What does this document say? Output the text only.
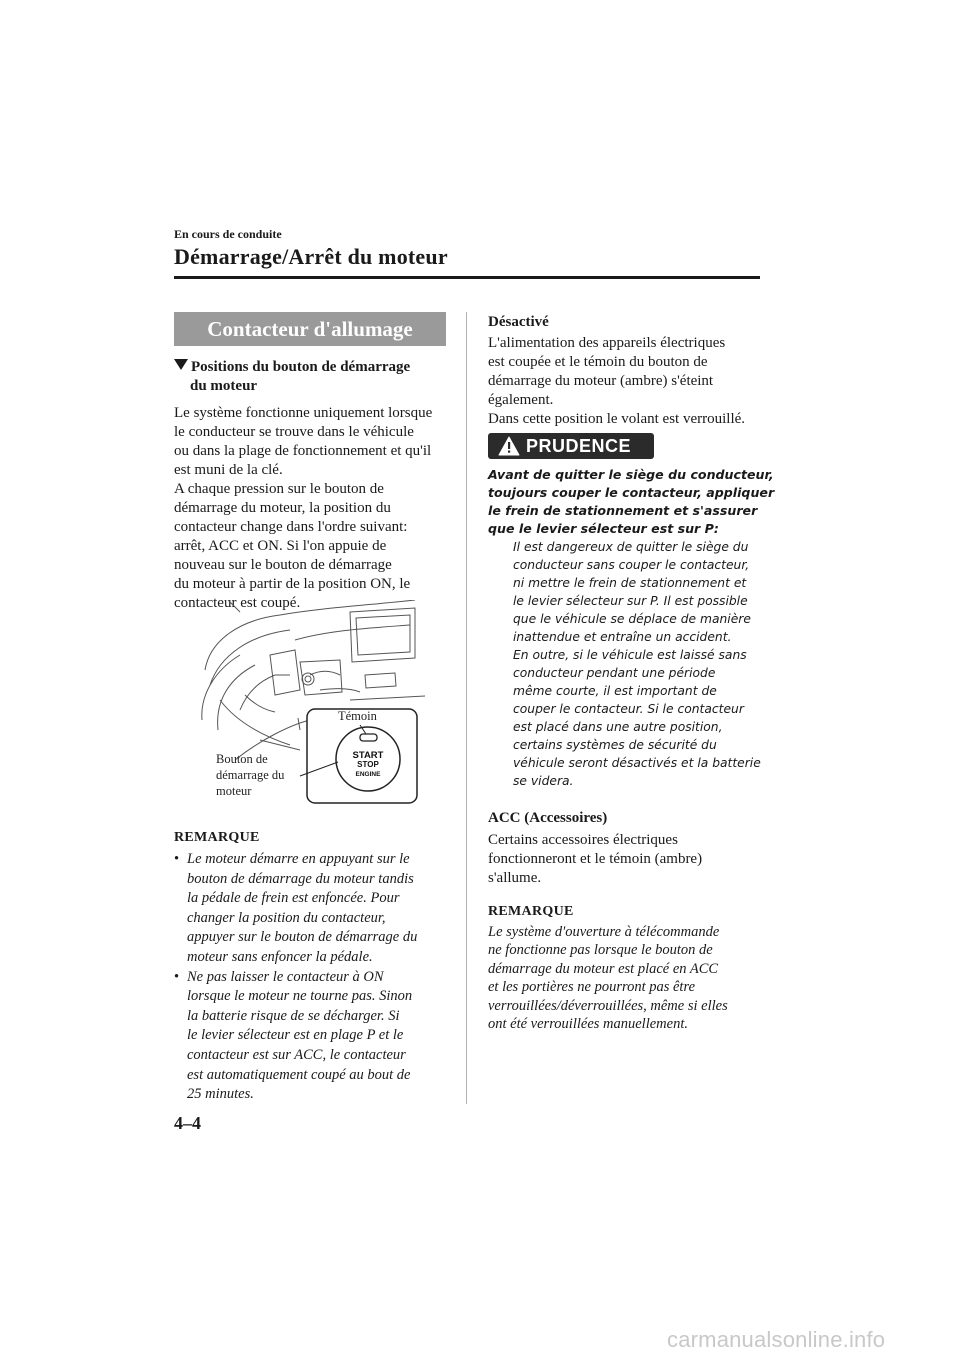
En cours de conduite
Démarrage/Arrêt du moteur
Contacteur d'allumage
Positions du bouton de démarrage
du moteur
Le système fonctionne uniquement lorsque
le conducteur se trouve dans le véhicule
ou dans la plage de fonctionnement et qu'il
est muni de la clé.
A chaque pression sur le bouton de
démarrage du moteur, la position du
contacteur change dans l'ordre suivant:
arrêt, ACC et ON. Si l'on appuie de
nouveau sur le bouton de démarrage
du moteur à partir de la position ON, le
contacteur est coupé.
START
STOP
ENGINE
Témoin
Bouton de
démarrage du
moteur
REMARQUE
• Le moteur démarre en appuyant sur le
bouton de démarrage du moteur tandis
la pédale de frein est enfoncée. Pour
changer la position du contacteur,
appuyer sur le bouton de démarrage du
moteur sans enfoncer la pédale.
• Ne pas laisser le contacteur à ON
lorsque le moteur ne tourne pas. Sinon
la batterie risque de se décharger. Si
le levier sélecteur est en plage P et le
contacteur est sur ACC, le contacteur
est automatiquement coupé au bout de
25 minutes.
Désactivé
L'alimentation des appareils électriques
est coupée et le témoin du bouton de
démarrage du moteur (ambre) s'éteint
également.
Dans cette position le volant est verrouillé.
PRUDENCE
Avant de quitter le siège du conducteur,
toujours couper le contacteur, appliquer
le frein de stationnement et s'assurer
que le levier sélecteur est sur P:
Il est dangereux de quitter le siège du
conducteur sans couper le contacteur,
ni mettre le frein de stationnement et
le levier sélecteur sur P. Il est possible
que le véhicule se déplace de manière
inattendue et entraîne un accident.
En outre, si le véhicule est laissé sans
conducteur pendant une période
même courte, il est important de
couper le contacteur. Si le contacteur
est placé dans une autre position,
certains systèmes de sécurité du
véhicule seront désactivés et la batterie
se videra.
ACC (Accessoires)
Certains accessoires électriques
fonctionneront et le témoin (ambre)
s'allume.
REMARQUE
Le système d'ouverture à télécommande
ne fonctionne pas lorsque le bouton de
démarrage du moteur est placé en ACC
et les portières ne pourront pas être
verrouillées/déverrouillées, même si elles
ont été verrouillées manuellement.
4–4
carmanualsonline.info
